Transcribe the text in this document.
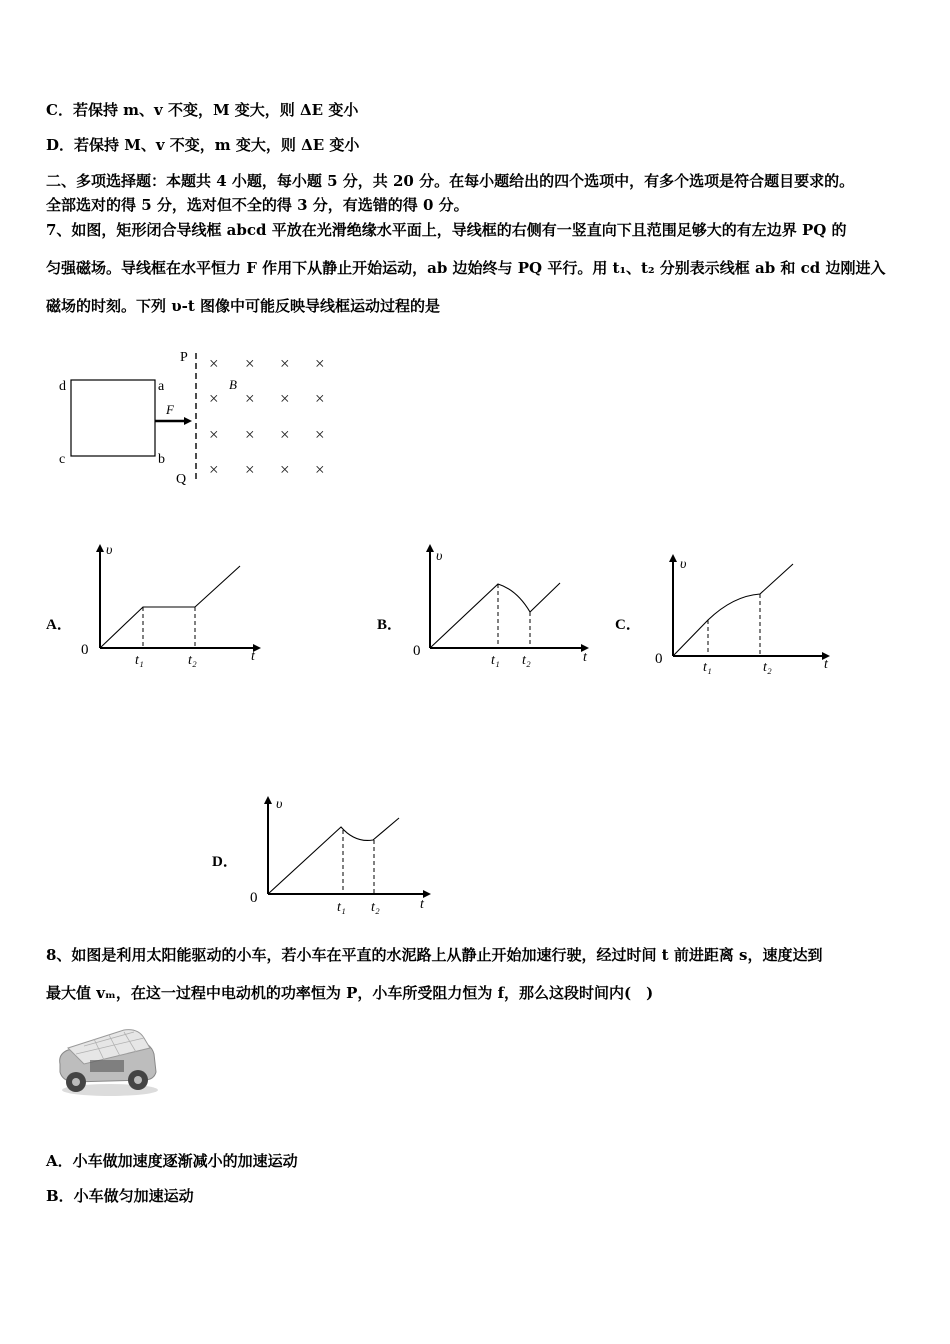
C．若保持 m、v 不变，M 变大，则 ΔE 变小
D．若保持 M、v 不变，m 变大，则 ΔE 变小
二、多项选择题：本题共 4 小题，每小题 5 分，共 20 分。在每小题给出的四个选项中，有多个选项是符合题目要求的。
全部选对的得 5 分，选对但不全的得 3 分，有选错的得 0 分。
7、如图，矩形闭合导线框 abcd 平放在光滑绝缘水平面上，导线框的右侧有一竖直向下且范围足够大的有左边界 PQ 的
匀强磁场。导线框在水平恒力 F 作用下从静止开始运动，ab 边始终与 PQ 平行。用 t₁、t₂ 分别表示线框 ab 和 cd 边刚进入
磁场的时刻。下列 υ-t 图像中可能反映导线框运动过程的是
d	a
c	b
F
P
Q
B
× × × ×
× × × ×
× × × ×
× × × ×
υ
0
t₁	t₂	t
A．
υ
0
t₁ t₂	t
B．
υ
0
t₁	t₂	t
C．
υ
0
t₁ t₂	t
D．
8、如图是利用太阳能驱动的小车，若小车在平直的水泥路上从静止开始加速行驶，经过时间 t 前进距离 s，速度达到
最大值 vₘ，在这一过程中电动机的功率恒为 P，小车所受阻力恒为 f，那么这段时间内(　)
A．小车做加速度逐渐减小的加速运动
B．小车做匀加速运动
